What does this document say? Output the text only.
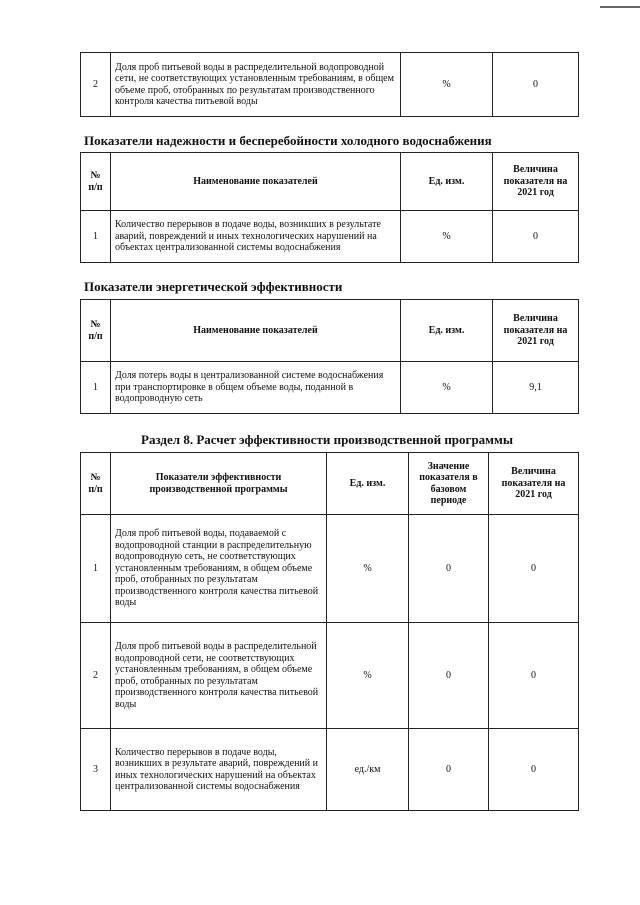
2	Доля проб питьевой воды в распределительной водопроводной сети, не соответствующих установленным требованиям, в общем объеме проб, отобранных по результатам производственного контроля качества питьевой воды	%	0
Показатели надежности и бесперебойности холодного водоснабжения
№ п/п	Наименование показателей	Ед. изм.	Величина показателя на 2021 год
1	Количество перерывов в подаче воды, возникших в результате аварий, повреждений и иных технологических нарушений на объектах централизованной системы водоснабжения	%	0
Показатели энергетической эффективности
№ п/п	Наименование показателей	Ед. изм.	Величина показателя на 2021 год
1	Доля потерь воды в централизованной системе водоснабжения при транспортировке в общем объеме воды, поданной в водопроводную сеть	%	9,1
Раздел 8. Расчет эффективности производственной программы
№ п/п	Показатели эффективности производственной программы	Ед. изм.	Значение показателя в базовом периоде	Величина показателя на 2021 год
1	Доля проб питьевой воды, подаваемой с водопроводной станции в распределительную водопроводную сеть, не соответствующих установленным требованиям, в общем объеме проб, отобранных по результатам производственного контроля качества питьевой воды	%	0	0
2	Доля проб питьевой воды в распределительной водопроводной сети, не соответствующих установленным требованиям, в общем объеме проб, отобранных по результатам производственного контроля качества питьевой воды	%	0	0
3	Количество перерывов в подаче воды, возникших в результате аварий, повреждений и иных технологических нарушений на объектах централизованной системы водоснабжения	ед./км	0	0
